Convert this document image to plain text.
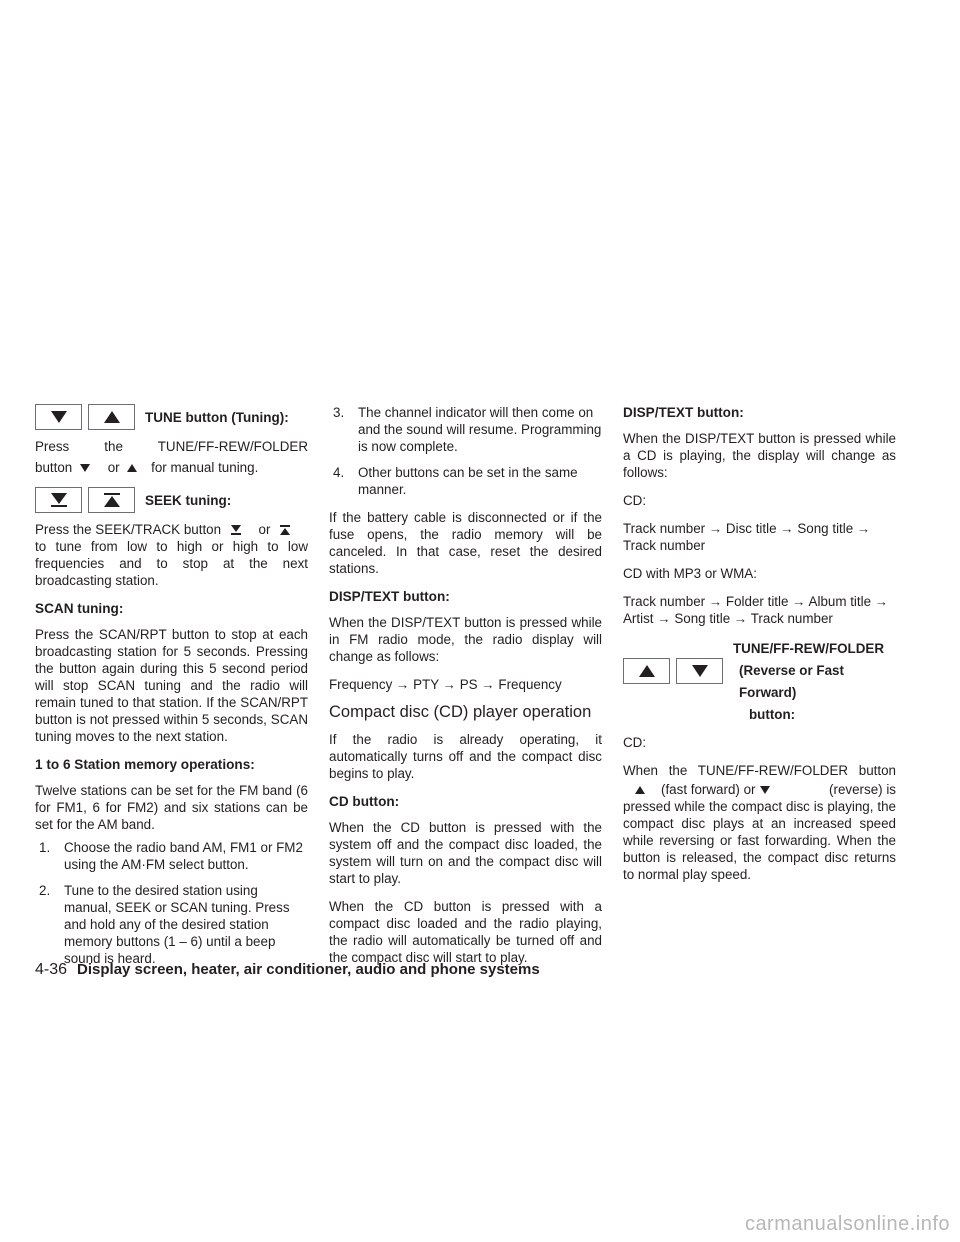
TUNE button (Tuning):

Press the TUNE/FF-REW/FOLDER

button	or for manual tuning.

SEEK tuning:

Press the SEEK/TRACK button	or

to tune from low to high or high to low frequencies and to stop at the next broadcasting station.

SCAN tuning:

Press the SCAN/RPT button to stop at each broadcasting station for 5 seconds. Pressing the button again during this 5 second period will stop SCAN tuning and the radio will remain tuned to that station. If the SCAN/RPT button is not pressed within 5 seconds, SCAN tuning moves to the next station.

1 to 6 Station memory operations:

Twelve stations can be set for the FM band (6 for FM1, 6 for FM2) and six stations can be set for the AM band.

1. Choose the radio band AM, FM1 or FM2 using the AM·FM select button.
2. Tune to the desired station using manual, SEEK or SCAN tuning. Press and hold any of the desired station memory buttons (1 – 6) until a beep sound is heard.
3. The channel indicator will then come on and the sound will resume. Programming is now complete.
4. Other buttons can be set in the same manner.

If the battery cable is disconnected or if the fuse opens, the radio memory will be canceled. In that case, reset the desired stations.

DISP/TEXT button:

When the DISP/TEXT button is pressed while in FM radio mode, the radio display will change as follows:

Frequency → PTY → PS → Frequency

Compact disc (CD) player operation

If the radio is already operating, it automatically turns off and the compact disc begins to play.

CD button:

When the CD button is pressed with the system off and the compact disc loaded, the system will turn on and the compact disc will start to play.

When the CD button is pressed with a compact disc loaded and the radio playing, the radio will automatically be turned off and the compact disc will start to play.

DISP/TEXT button:

When the DISP/TEXT button is pressed while a CD is playing, the display will change as follows:

CD:

Track number → Disc title → Song title → Track number

CD with MP3 or WMA:

Track number → Folder title → Album title → Artist → Song title → Track number

TUNE/FF-REW/FOLDER
(Reverse or Fast Forward)
button:

CD:

When the TUNE/FF-REW/FOLDER button

(fast forward) or	(reverse) is

pressed while the compact disc is playing, the compact disc plays at an increased speed while reversing or fast forwarding. When the button is released, the compact disc returns to normal play speed.

4-36 Display screen, heater, air conditioner, audio and phone systems
carmanualsonline.info
